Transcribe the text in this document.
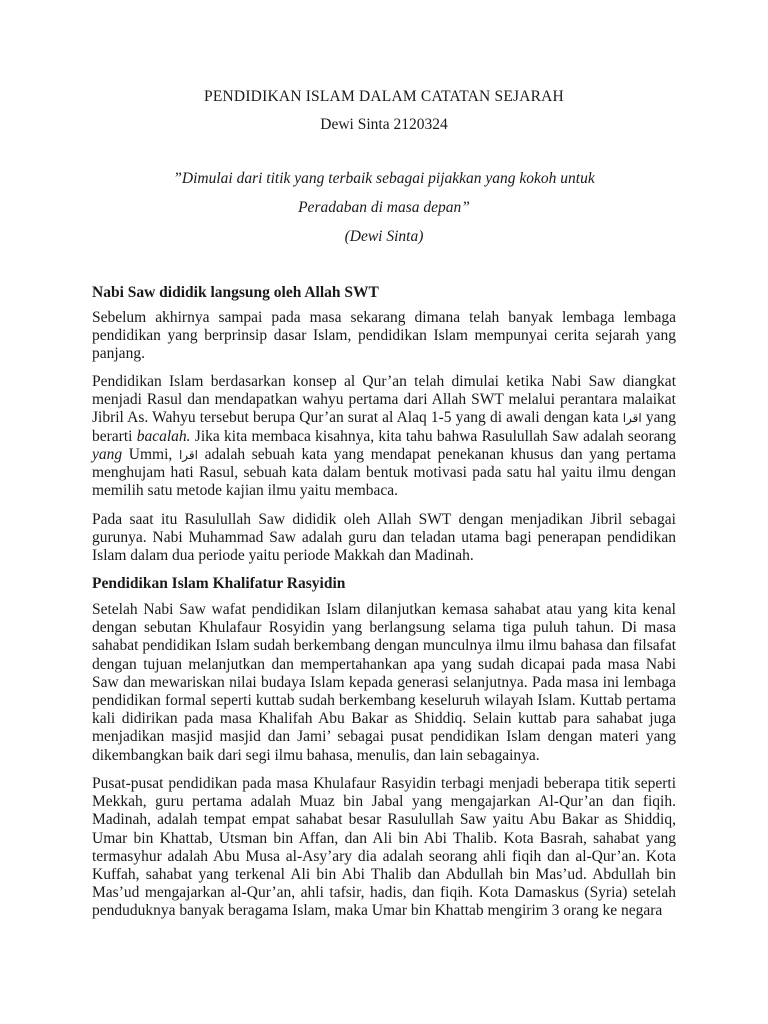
PENDIDIKAN ISLAM DALAM CATATAN SEJARAH
Dewi Sinta 2120324
”Dimulai dari titik yang terbaik sebagai pijakkan yang kokoh untuk
Peradaban di masa depan”
(Dewi Sinta)
Nabi Saw dididik langsung oleh Allah SWT

Sebelum akhirnya sampai pada masa sekarang dimana telah banyak lembaga lembaga pendidikan yang berprinsip dasar Islam, pendidikan Islam mempunyai cerita sejarah yang panjang.

Pendidikan Islam berdasarkan konsep al Qur’an telah dimulai ketika Nabi Saw diangkat menjadi Rasul dan mendapatkan wahyu pertama dari Allah SWT melalui perantara malaikat Jibril As. Wahyu tersebut berupa Qur’an surat al Alaq 1-5 yang di awali dengan kata اقرا yang berarti bacalah. Jika kita membaca kisahnya, kita tahu bahwa Rasulullah Saw adalah seorang yang Ummi, اقرا adalah sebuah kata yang mendapat penekanan khusus dan yang pertama menghujam hati Rasul, sebuah kata dalam bentuk motivasi pada satu hal yaitu ilmu dengan memilih satu metode kajian ilmu yaitu membaca.

Pada saat itu Rasulullah Saw dididik oleh Allah SWT dengan menjadikan Jibril sebagai gurunya. Nabi Muhammad Saw adalah guru dan teladan utama bagi penerapan pendidikan Islam dalam dua periode yaitu periode Makkah dan Madinah.

Pendidikan Islam Khalifatur Rasyidin

Setelah Nabi Saw wafat pendidikan Islam dilanjutkan kemasa sahabat atau yang kita kenal dengan sebutan Khulafaur Rosyidin yang berlangsung selama tiga puluh tahun. Di masa sahabat pendidikan Islam sudah berkembang dengan munculnya ilmu ilmu bahasa dan filsafat dengan tujuan melanjutkan dan mempertahankan apa yang sudah dicapai pada masa Nabi Saw dan mewariskan nilai budaya Islam kepada generasi selanjutnya. Pada masa ini lembaga pendidikan formal seperti kuttab sudah berkembang keseluruh wilayah Islam. Kuttab pertama kali didirikan pada masa Khalifah Abu Bakar as Shiddiq. Selain kuttab para sahabat juga menjadikan masjid masjid dan Jami’ sebagai pusat pendidikan Islam dengan materi yang dikembangkan baik dari segi ilmu bahasa, menulis, dan lain sebagainya.

Pusat-pusat pendidikan pada masa Khulafaur Rasyidin terbagi menjadi beberapa titik seperti Mekkah, guru pertama adalah Muaz bin Jabal yang mengajarkan Al-Qur’an dan fiqih. Madinah, adalah tempat empat sahabat besar Rasulullah Saw yaitu Abu Bakar as Shiddiq, Umar bin Khattab, Utsman bin Affan, dan Ali bin Abi Thalib. Kota Basrah, sahabat yang termasyhur adalah Abu Musa al-Asy’ary dia adalah seorang ahli fiqih dan al-Qur’an. Kota Kuffah, sahabat yang terkenal Ali bin Abi Thalib dan Abdullah bin Mas’ud. Abdullah bin Mas’ud mengajarkan al-Qur’an, ahli tafsir, hadis, dan fiqih. Kota Damaskus (Syria) setelah penduduknya banyak beragama Islam, maka Umar bin Khattab mengirim 3 orang ke negara
